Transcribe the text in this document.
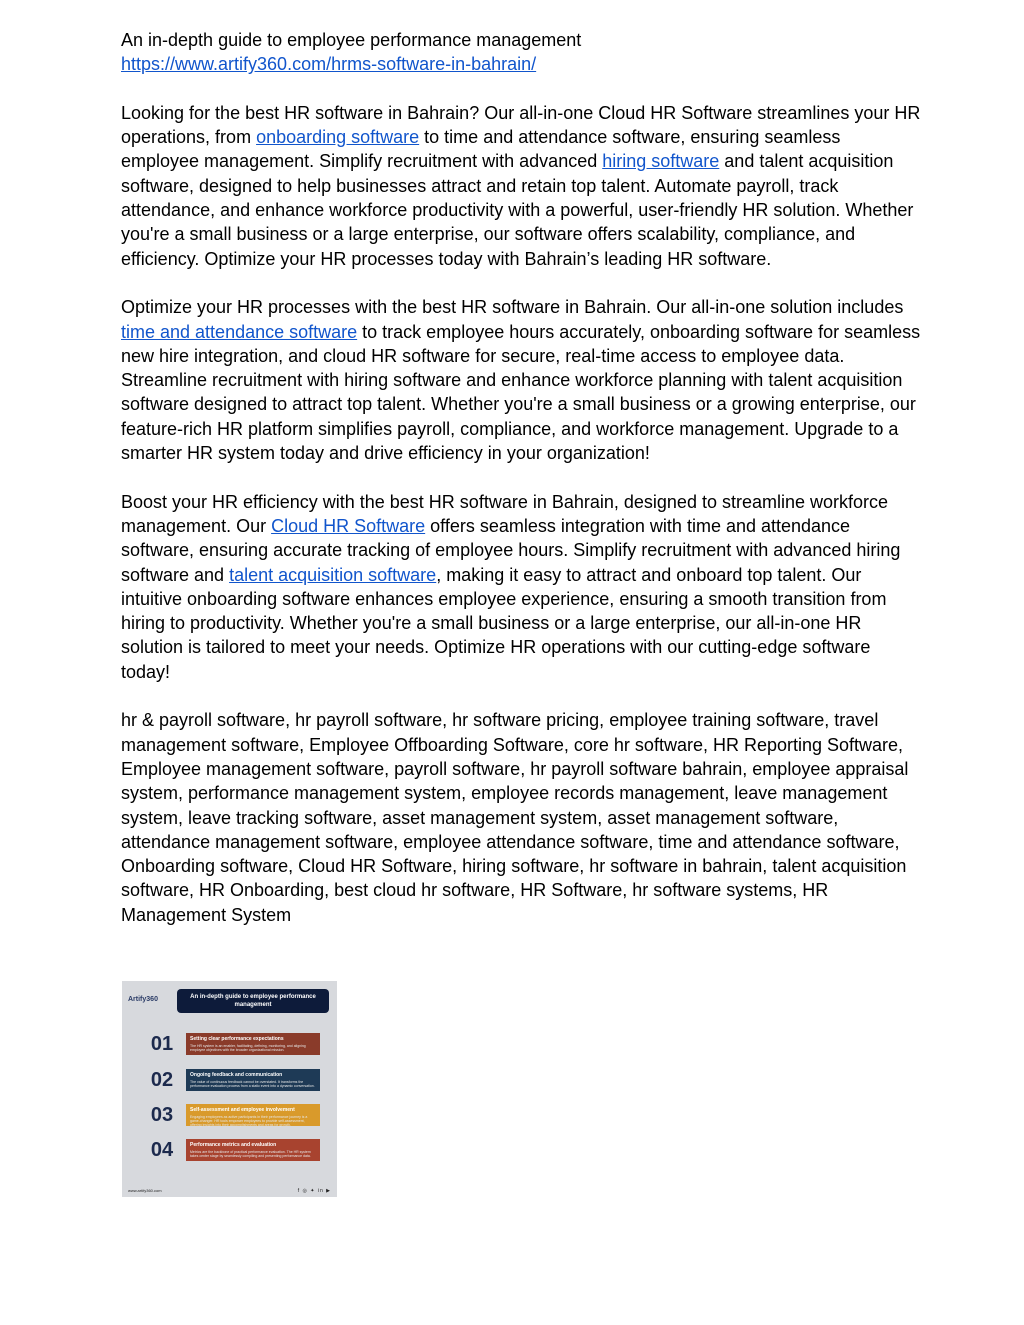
An in-depth guide to employee performance management

https://www.artify360.com/hrms-software-in-bahrain/

Looking for the best HR software in Bahrain? Our all-in-one Cloud HR Software streamlines your HR operations, from onboarding software to time and attendance software, ensuring seamless employee management. Simplify recruitment with advanced hiring software and talent acquisition software, designed to help businesses attract and retain top talent. Automate payroll, track attendance, and enhance workforce productivity with a powerful, user-friendly HR solution. Whether you're a small business or a large enterprise, our software offers scalability, compliance, and efficiency. Optimize your HR processes today with Bahrain’s leading HR software.

Optimize your HR processes with the best HR software in Bahrain. Our all-in-one solution includes time and attendance software to track employee hours accurately, onboarding software for seamless new hire integration, and cloud HR software for secure, real-time access to employee data. Streamline recruitment with hiring software and enhance workforce planning with talent acquisition software designed to attract top talent. Whether you're a small business or a growing enterprise, our feature-rich HR platform simplifies payroll, compliance, and workforce management. Upgrade to a smarter HR system today and drive efficiency in your organization!

Boost your HR efficiency with the best HR software in Bahrain, designed to streamline workforce management. Our Cloud HR Software offers seamless integration with time and attendance software, ensuring accurate tracking of employee hours. Simplify recruitment with advanced hiring software and talent acquisition software, making it easy to attract and onboard top talent. Our intuitive onboarding software enhances employee experience, ensuring a smooth transition from hiring to productivity. Whether you're a small business or a large enterprise, our all-in-one HR solution is tailored to meet your needs. Optimize HR operations with our cutting-edge software today!

hr & payroll software, hr payroll software, hr software pricing, employee training software, travel management software, Employee Offboarding Software, core hr software, HR Reporting Software, Employee management software, payroll software, hr payroll software bahrain, employee appraisal system, performance management system, employee records management, leave management system, leave tracking software, asset management system, asset management software, attendance management software, employee attendance software, time and attendance software, Onboarding software, Cloud HR Software, hiring software, hr software in bahrain, talent acquisition software, HR Onboarding, best cloud hr software, HR Software, hr software systems, HR Management System

Artify360	An in-depth guide to employee performance management
01	Setting clear performance expectations
The HR system is an enabler, facilitating, defining, monitoring, and aligning employee objectives with the broader organizational mission.
02	Ongoing feedback and communication
The value of continuous feedback cannot be overstated. It transforms the performance evaluation process from a static event into a dynamic conversation.
03	Self-assessment and employee involvement
Engaging employees as active participants in their performance journey is a game-changer. HR tools empower employees to provide self-assessment, offering insights into their accomplishments and areas for growth.
04	Performance metrics and evaluation
Metrics are the backbone of practical performance evaluation. The HR system takes center stage by seamlessly compiling and presenting performance data.
www.artify360.com	f ◎ ✦ in ▶
